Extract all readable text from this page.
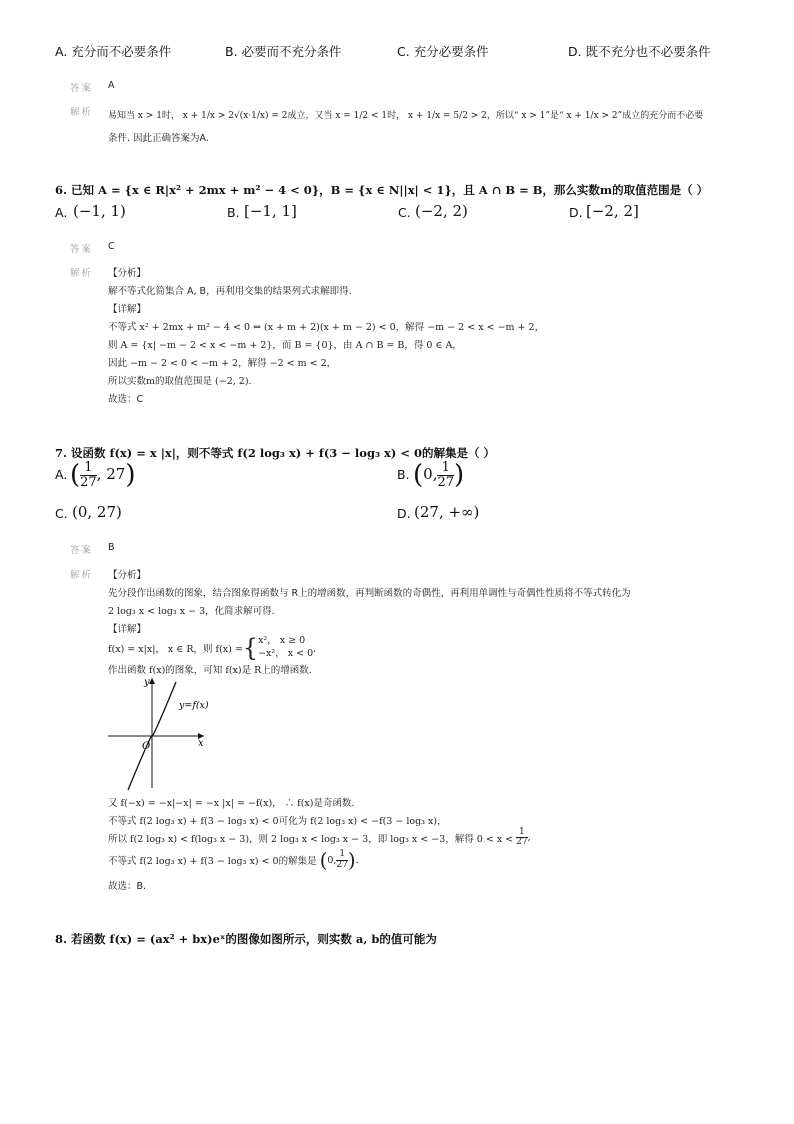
A. 充分而不必要条件	B. 必要而不充分条件	C. 充分必要条件	D. 既不充分也不必要条件
答案 A
解析 易知当 x > 1时， x + 1/x > 2√(x·1/x) = 2成立，又当 x = 1/2 < 1时， x + 1/x = 5/2 > 2，所以“ x > 1”是“ x + 1/x > 2”成立的充分而不必要
条件. 因此正确答案为A.
6. 已知 A = {x ∈ R|x² + 2mx + m² − 4 < 0}，B = {x ∈ N||x| < 1}，且 A ∩ B = B，那么实数m的取值范围是（ ）
A. (−1, 1)	B. [−1, 1]	C. (−2, 2)	D. [−2, 2]
答案 C
解析 【分析】
解不等式化简集合 A, B，再利用交集的结果列式求解即得.
【详解】
不等式 x² + 2mx + m² − 4 < 0 ⇔ (x + m + 2)(x + m − 2) < 0，解得 −m − 2 < x < −m + 2，
则 A = {x| −m − 2 < x < −m + 2}，而 B = {0}，由 A ∩ B = B，得 0 ∈ A，
因此 −m − 2 < 0 < −m + 2，解得 −2 < m < 2，
所以实数m的取值范围是 (−2, 2).
故选：C
7. 设函数 f(x) = x |x|，则不等式 f(2 log₃ x) + f(3 − log₃ x) < 0的解集是（ ）
A. ( $\frac{1}{27}$ , 27)	B. (0, $\frac{1}{27}$ )
C. (0, 27)	D. (27, +∞)
答案 B
解析 【分析】
先分段作出函数的图象，结合图象得函数与 R上的增函数，再判断函数的奇偶性，再利用单调性与奇偶性性质将不等式转化为
2 log₃ x < log₃ x − 3，化简求解可得.
【详解】
f(x) = x|x|， x ∈ R，则 f(x) = { x²， x ≥ 0
−x²， x < 0 ,
作出函数 f(x)的图象，可知 f(x)是 R上的增函数.
y
x
O
y=f(x)
又 f(−x) = −x|−x| = −x |x| = −f(x)， ∴ f(x)是奇函数.
不等式 f(2 log₃ x) + f(3 − log₃ x) < 0可化为 f(2 log₃ x) < −f(3 − log₃ x)，
所以 f(2 log₃ x) < f(log₃ x − 3)，则 2 log₃ x < log₃ x − 3，即 log₃ x < −3，解得 $0 < x < \frac{1}{27}$ ,
不等式 f(2 log₃ x) + f(3 − log₃ x) < 0的解集是 ( 0, $\frac{1}{27}$ ) .
故选：B.
8. 若函数 f(x) = (ax² + bx)eˣ的图像如图所示，则实数 a, b的值可能为
